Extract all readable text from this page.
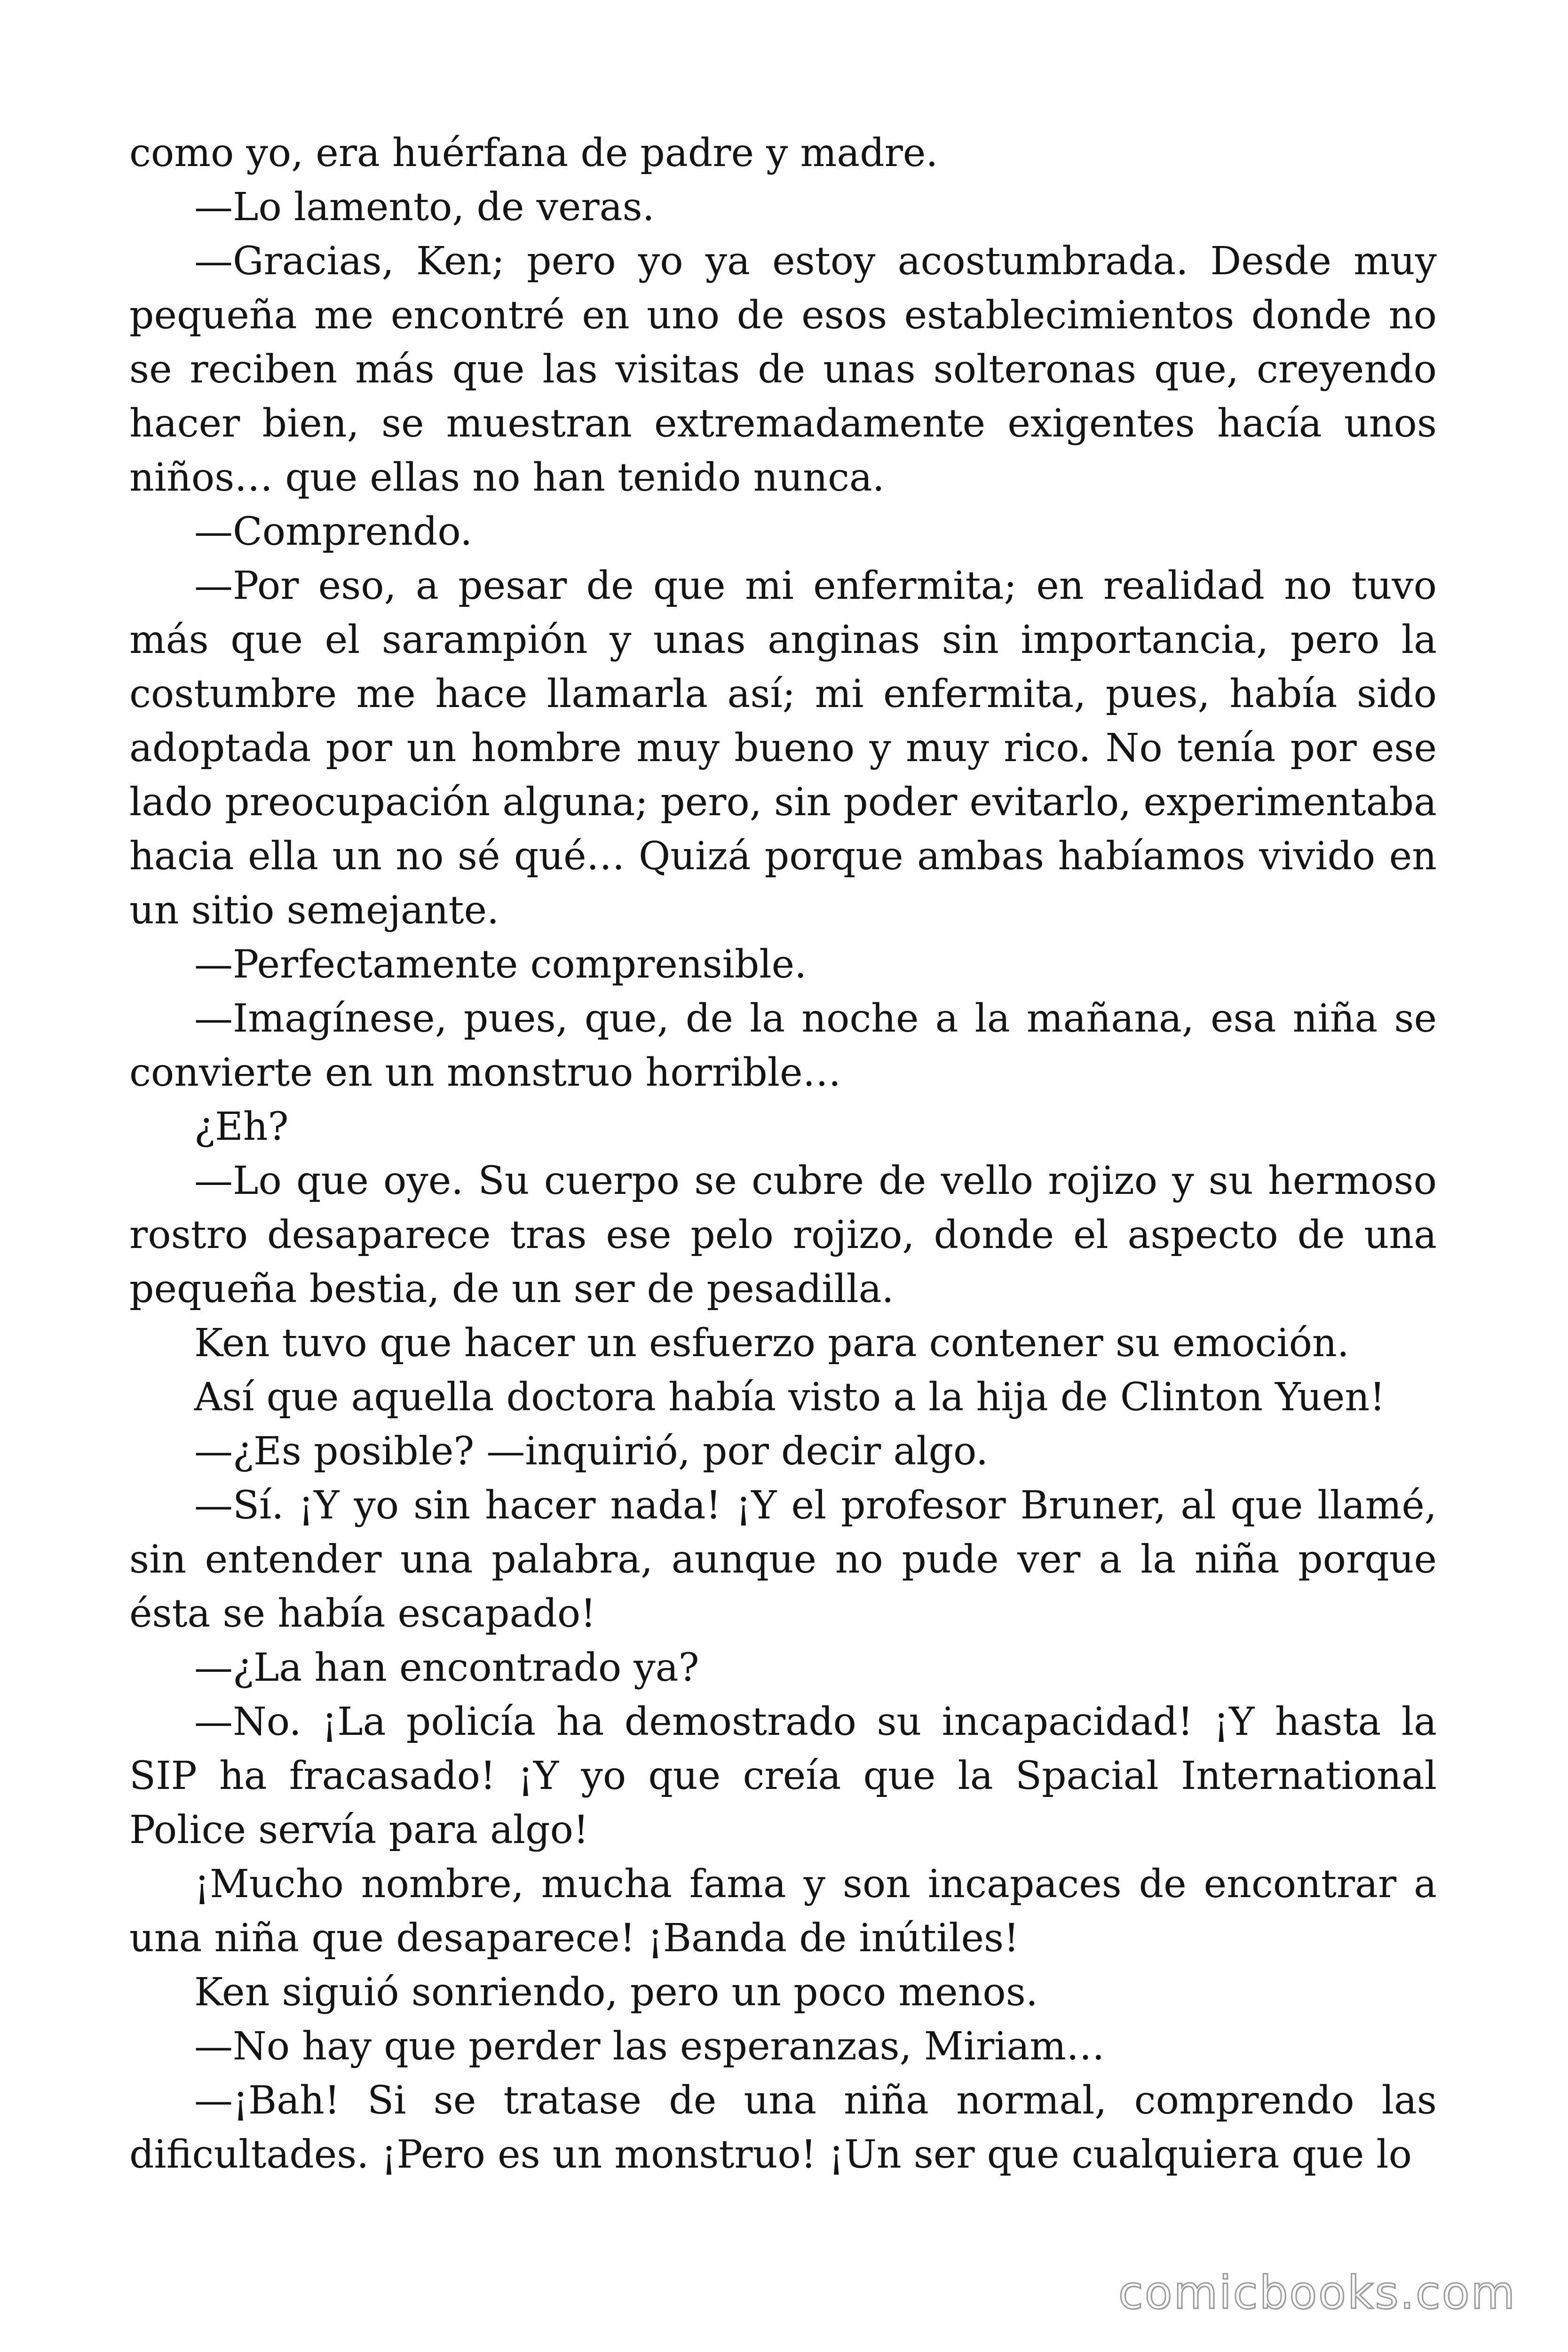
como yo, era huérfana de padre y madre.

—Lo lamento, de veras.

—Gracias, Ken; pero yo ya estoy acostumbrada. Desde muy pequeña me encontré en uno de esos establecimientos donde no se reciben más que las visitas de unas solteronas que, creyendo hacer bien, se muestran extremadamente exigentes hacía unos niños… que ellas no han tenido nunca.

—Comprendo.

—Por eso, a pesar de que mi enfermita; en realidad no tuvo más que el sarampión y unas anginas sin importancia, pero la costumbre me hace llamarla así; mi enfermita, pues, había sido adoptada por un hombre muy bueno y muy rico. No tenía por ese lado preocupación alguna; pero, sin poder evitarlo, experimentaba hacia ella un no sé qué… Quizá porque ambas habíamos vivido en un sitio semejante.

—Perfectamente comprensible.

—Imagínese, pues, que, de la noche a la mañana, esa niña se convierte en un monstruo horrible…

¿Eh?

—Lo que oye. Su cuerpo se cubre de vello rojizo y su hermoso rostro desaparece tras ese pelo rojizo, donde el aspecto de una pequeña bestia, de un ser de pesadilla.

Ken tuvo que hacer un esfuerzo para contener su emoción.

Así que aquella doctora había visto a la hija de Clinton Yuen!

—¿Es posible? —inquirió, por decir algo.

—Sí. ¡Y yo sin hacer nada! ¡Y el profesor Bruner, al que llamé, sin entender una palabra, aunque no pude ver a la niña porque ésta se había escapado!

—¿La han encontrado ya?

—No. ¡La policía ha demostrado su incapacidad! ¡Y hasta la SIP ha fracasado! ¡Y yo que creía que la Spacial International Police servía para algo!

¡Mucho nombre, mucha fama y son incapaces de encontrar a una niña que desaparece! ¡Banda de inútiles!

Ken siguió sonriendo, pero un poco menos.

—No hay que perder las esperanzas, Miriam…

—¡Bah! Si se tratase de una niña normal, comprendo las dificultades. ¡Pero es un monstruo! ¡Un ser que cualquiera que lo

comicbooks.com
